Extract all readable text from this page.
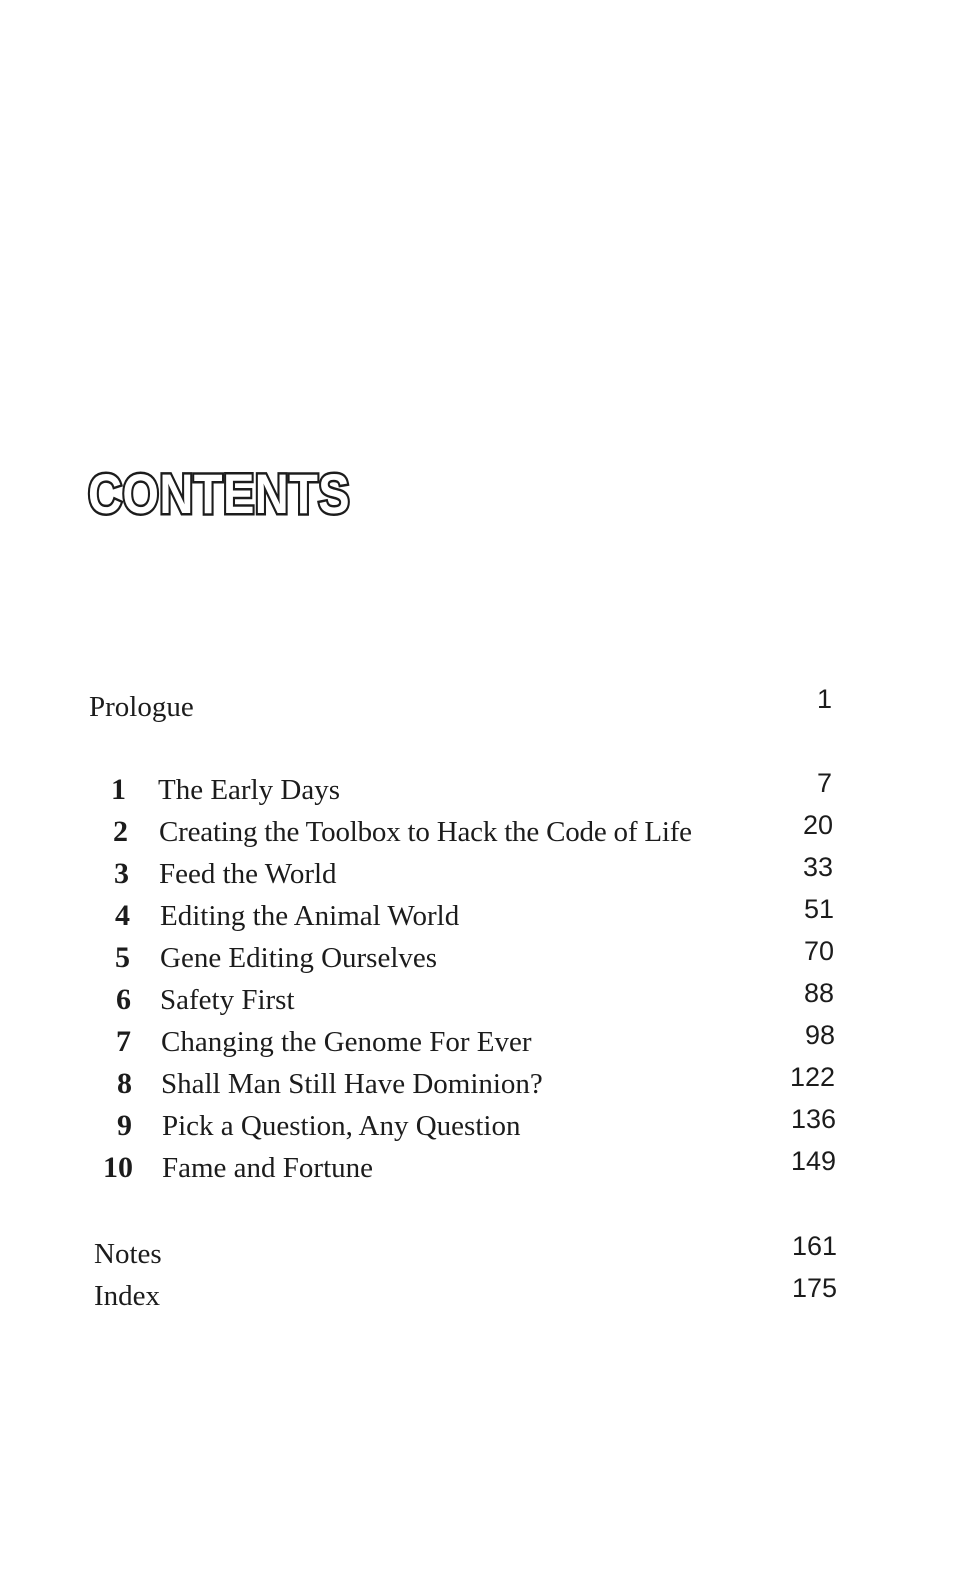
CONTENTS
Prologue	1
1 The Early Days	7
2 Creating the Toolbox to Hack the Code of Life	20
3 Feed the World	33
4 Editing the Animal World	51
5 Gene Editing Ourselves	70
6 Safety First	88
7 Changing the Genome For Ever	98
8 Shall Man Still Have Dominion?	122
9 Pick a Question, Any Question	136
10 Fame and Fortune	149
Notes	161
Index	175
